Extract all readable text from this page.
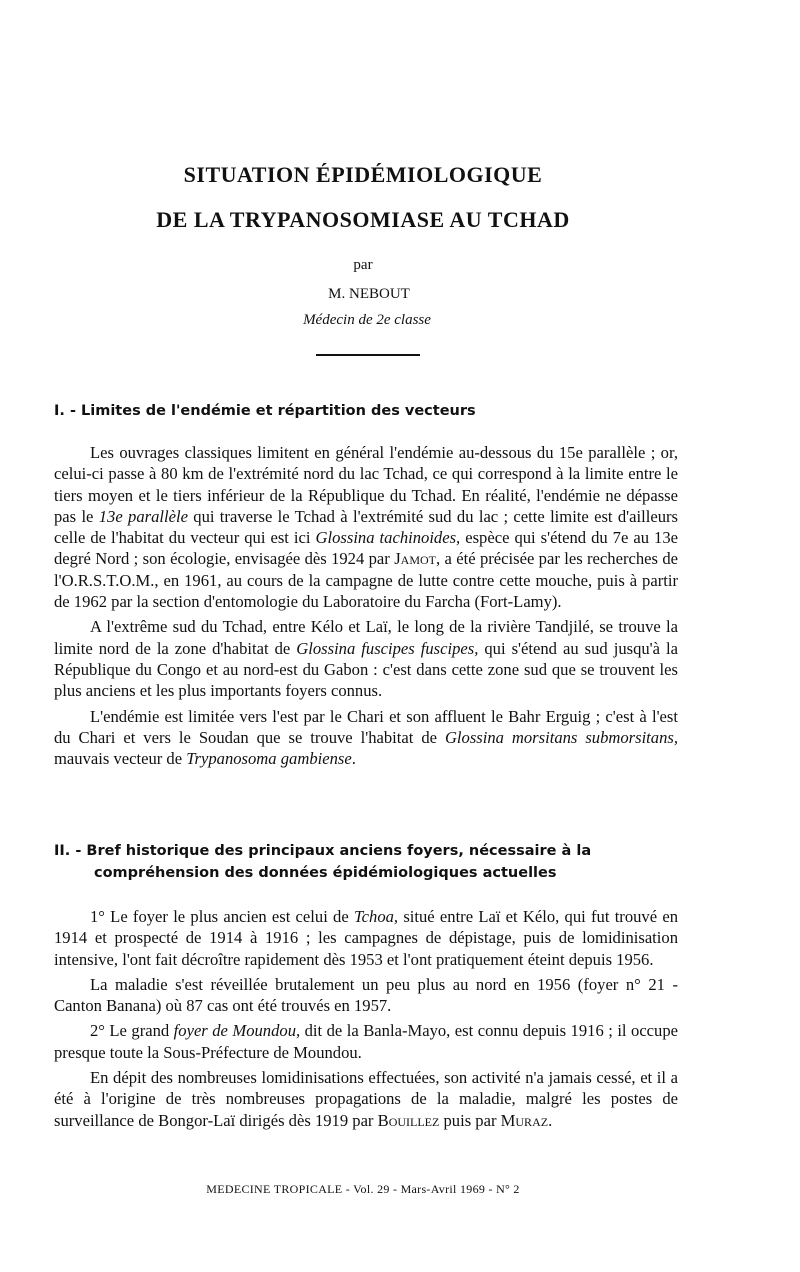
SITUATION ÉPIDÉMIOLOGIQUE
DE LA TRYPANOSOMIASE AU TCHAD
par
M. NEBOUT
Médecin de 2e classe
I. - Limites de l'endémie et répartition des vecteurs

Les ouvrages classiques limitent en général l'endémie au-dessous du 15e parallèle ; or, celui-ci passe à 80 km de l'extrémité nord du lac Tchad, ce qui correspond à la limite entre le tiers moyen et le tiers inférieur de la République du Tchad. En réalité, l'endémie ne dépasse pas le 13e parallèle qui traverse le Tchad à l'extrémité sud du lac ; cette limite est d'ailleurs celle de l'habitat du vecteur qui est ici Glossina tachinoides, espèce qui s'étend du 7e au 13e degré Nord ; son écologie, envisagée dès 1924 par Jamot, a été précisée par les recherches de l'O.R.S.T.O.M., en 1961, au cours de la campagne de lutte contre cette mouche, puis à partir de 1962 par la section d'entomologie du Laboratoire du Farcha (Fort-Lamy).

A l'extrême sud du Tchad, entre Kélo et Laï, le long de la rivière Tandjilé, se trouve la limite nord de la zone d'habitat de Glossina fuscipes fuscipes, qui s'étend au sud jusqu'à la République du Congo et au nord-est du Gabon : c'est dans cette zone sud que se trouvent les plus anciens et les plus importants foyers connus.

L'endémie est limitée vers l'est par le Chari et son affluent le Bahr Erguig ; c'est à l'est du Chari et vers le Soudan que se trouve l'habitat de Glossina morsitans submorsitans, mauvais vecteur de Trypanosoma gambiense.

II. - Bref historique des principaux anciens foyers, nécessaire à la
compréhension des données épidémiologiques actuelles

1° Le foyer le plus ancien est celui de Tchoa, situé entre Laï et Kélo, qui fut trouvé en 1914 et prospecté de 1914 à 1916 ; les campagnes de dépistage, puis de lomidinisation intensive, l'ont fait décroître rapidement dès 1953 et l'ont pratiquement éteint depuis 1956.

La maladie s'est réveillée brutalement un peu plus au nord en 1956 (foyer n° 21 - Canton Banana) où 87 cas ont été trouvés en 1957.

2° Le grand foyer de Moundou, dit de la Banla-Mayo, est connu depuis 1916 ; il occupe presque toute la Sous-Préfecture de Moundou.

En dépit des nombreuses lomidinisations effectuées, son activité n'a jamais cessé, et il a été à l'origine de très nombreuses propagations de la maladie, malgré les postes de surveillance de Bongor-Laï dirigés dès 1919 par Bouillez puis par Muraz.

MEDECINE TROPICALE - Vol. 29 - Mars-Avril 1969 - N° 2
